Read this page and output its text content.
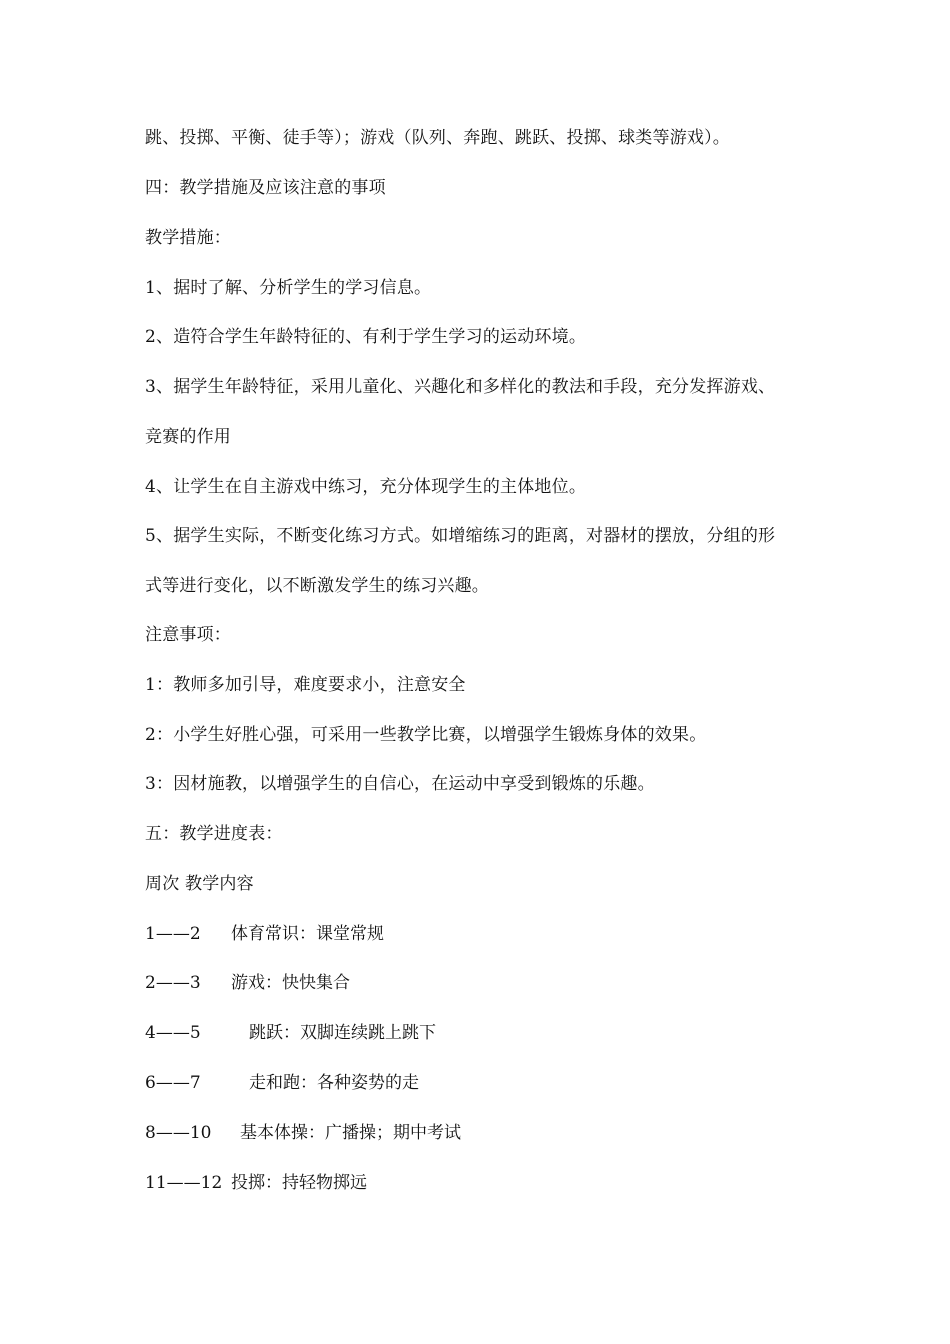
跳、投掷、平衡、徒手等）；游戏（队列、奔跑、跳跃、投掷、球类等游戏）。
四：教学措施及应该注意的事项
教学措施：
1、据时了解、分析学生的学习信息。
2、造符合学生年龄特征的、有利于学生学习的运动环境。
3、据学生年龄特征，采用儿童化、兴趣化和多样化的教法和手段，充分发挥游戏、
竞赛的作用
4、让学生在自主游戏中练习，充分体现学生的主体地位。
5、据学生实际，不断变化练习方式。如增缩练习的距离，对器材的摆放，分组的形
式等进行变化，以不断激发学生的练习兴趣。
注意事项：
1：教师多加引导，难度要求小，注意安全
2：小学生好胜心强，可采用一些教学比赛，以增强学生锻炼身体的效果。
3：因材施教，以增强学生的自信心，在运动中享受到锻炼的乐趣。
五：教学进度表：
周次 教学内容
1——2 体育常识：课堂常规
2——3 游戏：快快集合
4——5	跳跃：双脚连续跳上跳下
6——7	走和跑：各种姿势的走
8——10 基本体操：广播操；期中考试
11——12 投掷：持轻物掷远
